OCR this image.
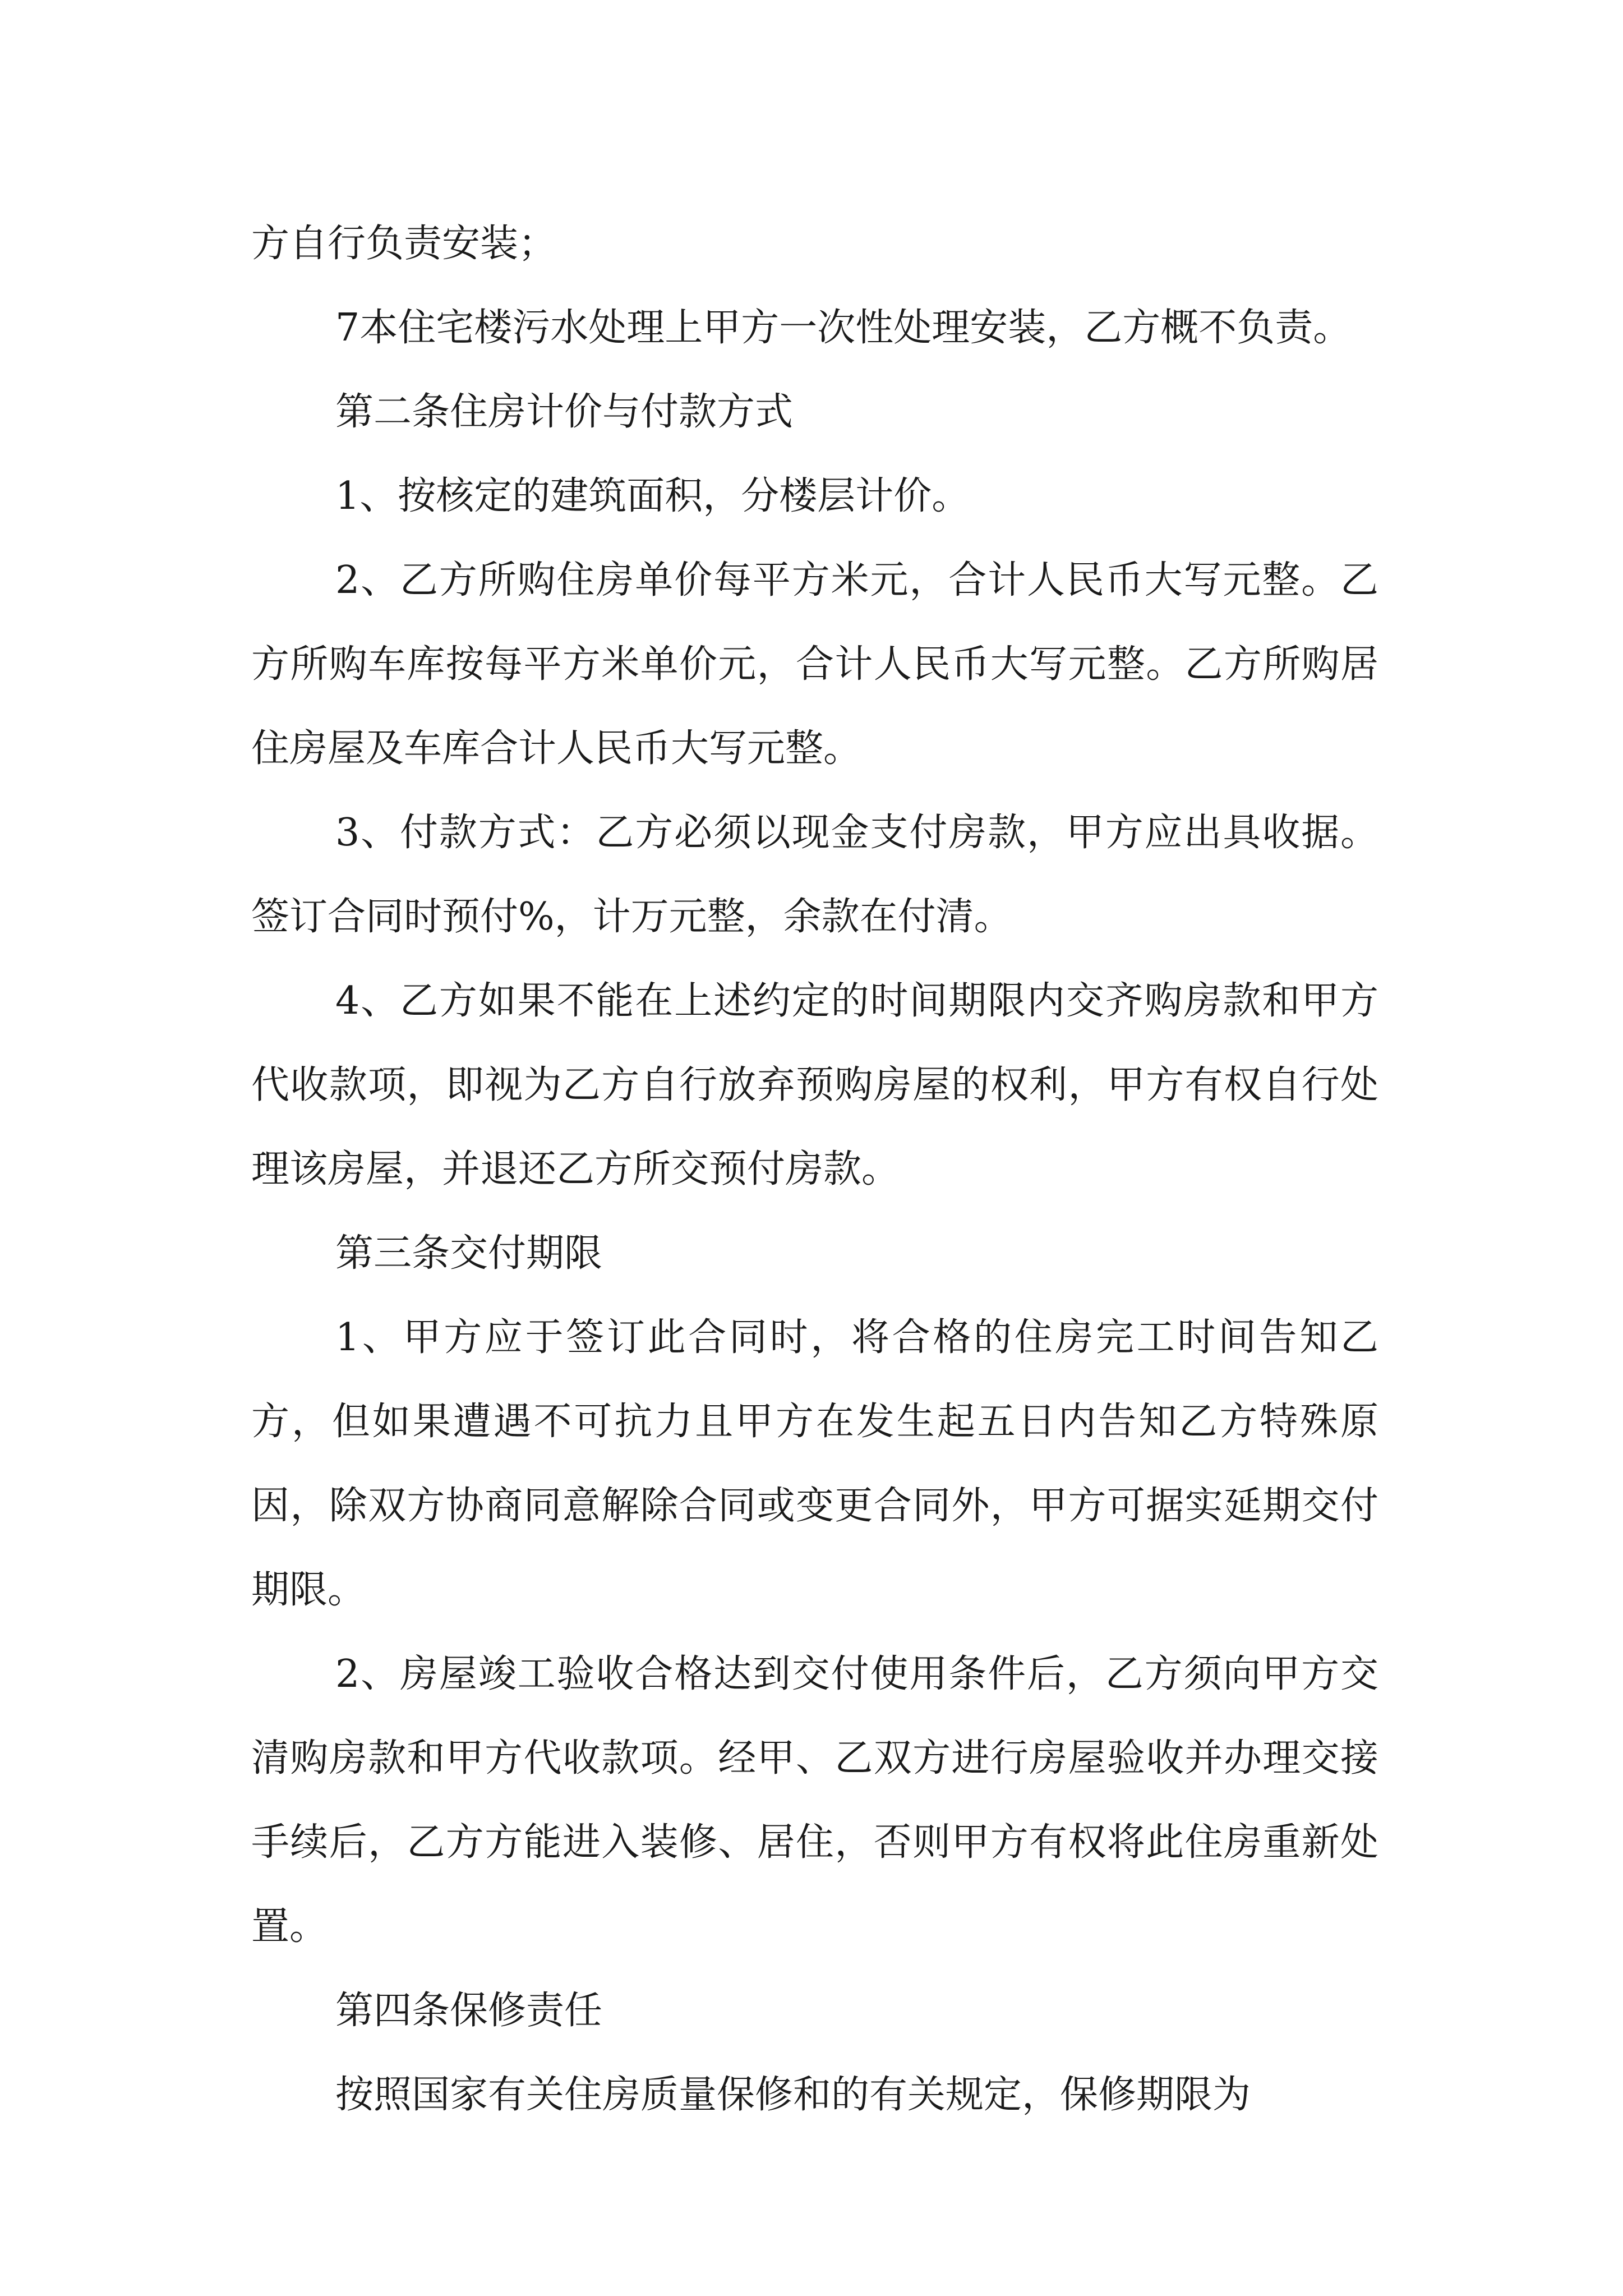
方自行负责安装；

7本住宅楼污水处理上甲方一次性处理安装，乙方概不负责。

第二条住房计价与付款方式

1、按核定的建筑面积，分楼层计价。

2、乙方所购住房单价每平方米元，合计人民币大写元整。乙方所购车库按每平方米单价元，合计人民币大写元整。乙方所购居住房屋及车库合计人民币大写元整。

3、付款方式：乙方必须以现金支付房款，甲方应出具收据。签订合同时预付%，计万元整，余款在付清。

4、乙方如果不能在上述约定的时间期限内交齐购房款和甲方代收款项，即视为乙方自行放弃预购房屋的权利，甲方有权自行处理该房屋，并退还乙方所交预付房款。

第三条交付期限

1、甲方应于签订此合同时，将合格的住房完工时间告知乙方，但如果遭遇不可抗力且甲方在发生起五日内告知乙方特殊原因，除双方协商同意解除合同或变更合同外，甲方可据实延期交付期限。

2、房屋竣工验收合格达到交付使用条件后，乙方须向甲方交清购房款和甲方代收款项。经甲、乙双方进行房屋验收并办理交接手续后，乙方方能进入装修、居住，否则甲方有权将此住房重新处置。

第四条保修责任

按照国家有关住房质量保修和的有关规定，保修期限为
